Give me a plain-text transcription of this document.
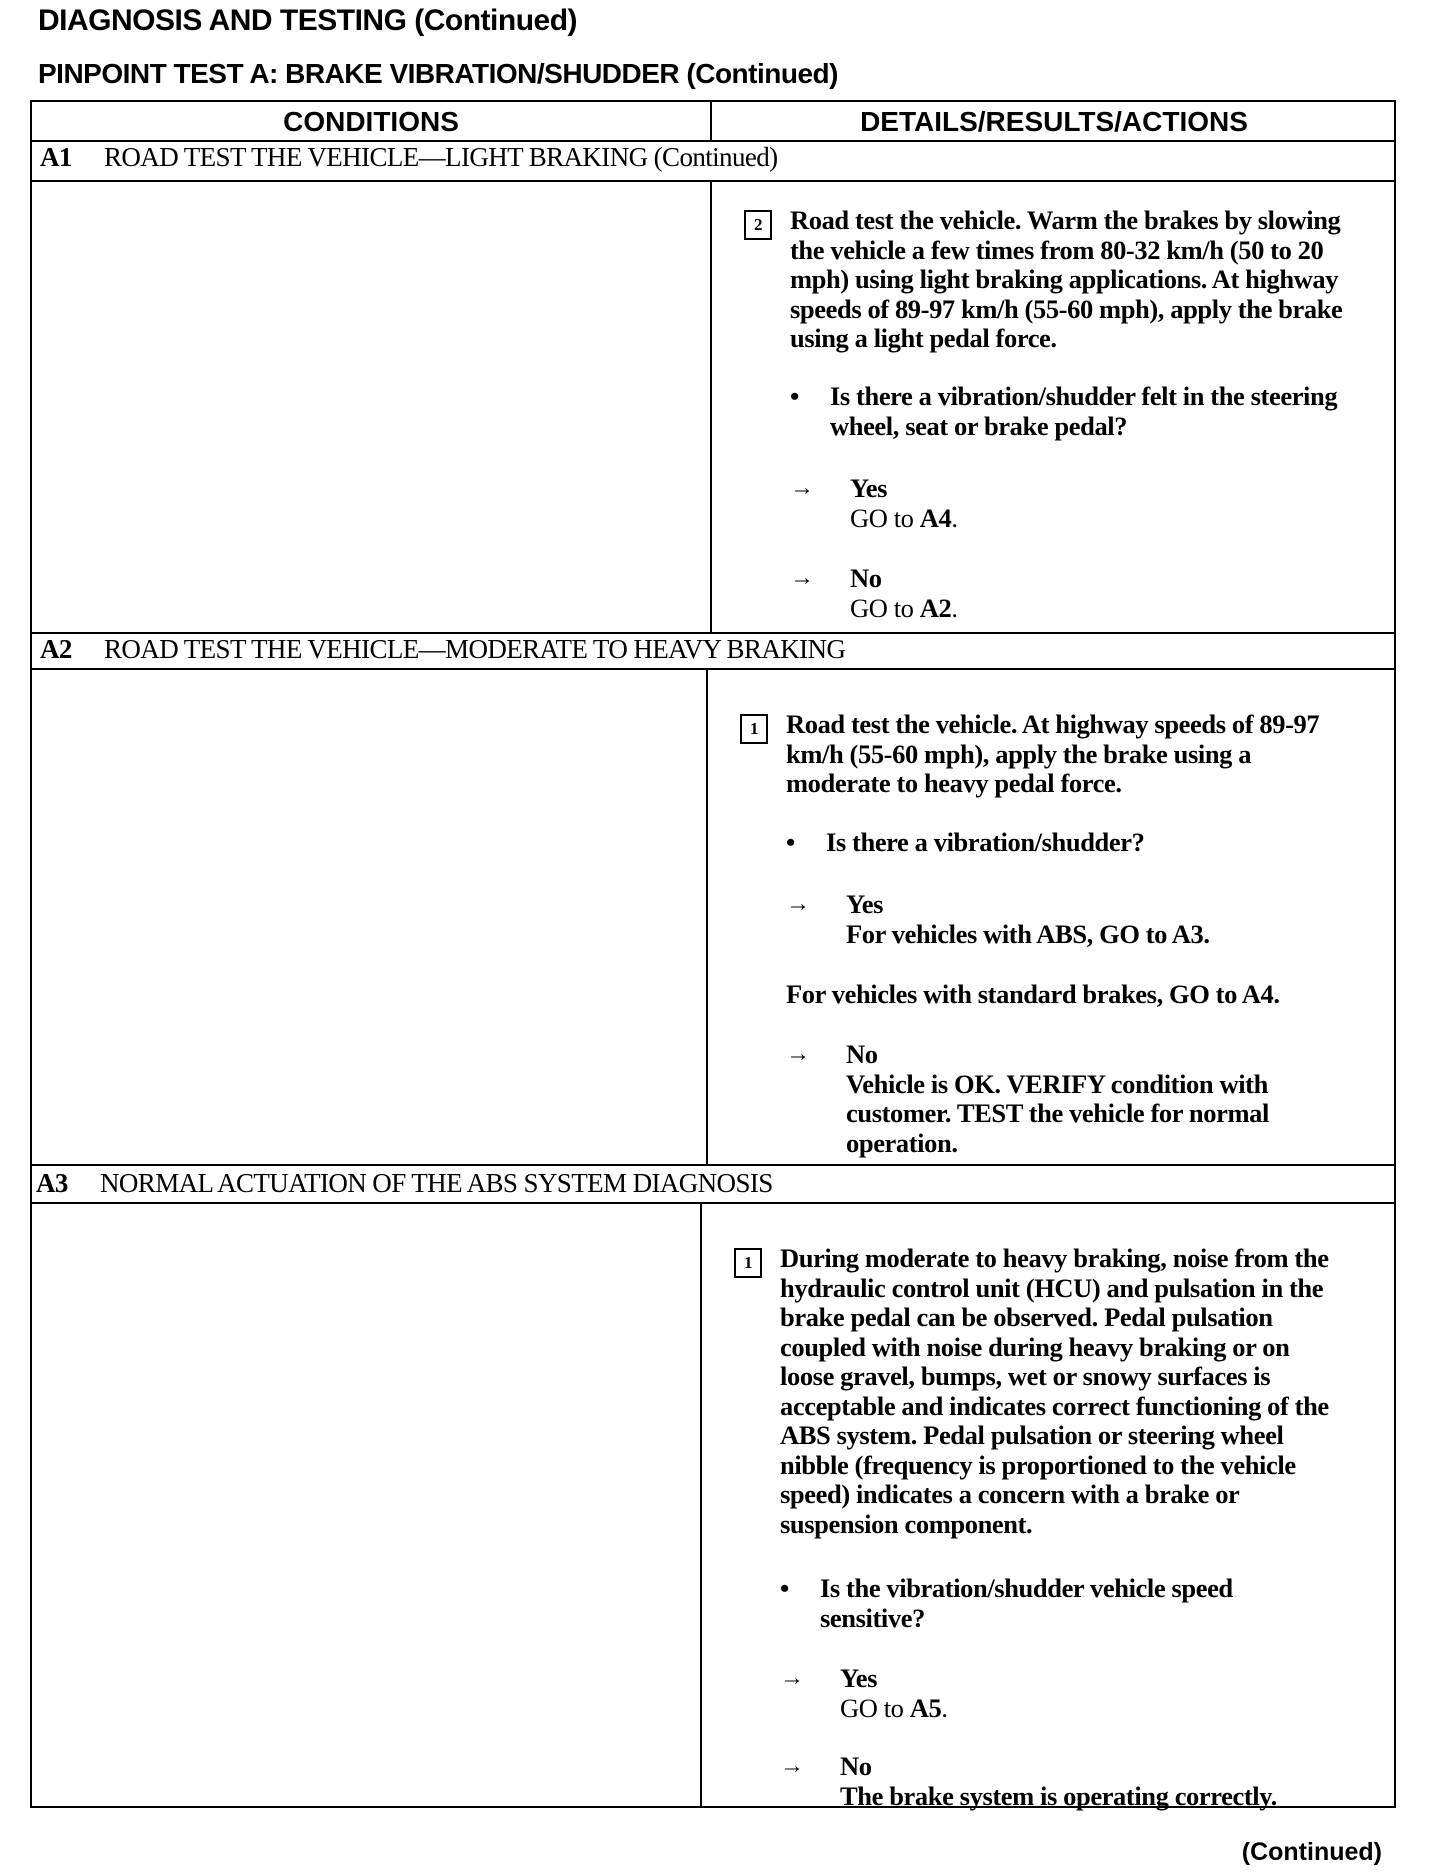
DIAGNOSIS AND TESTING (Continued)
PINPOINT TEST A: BRAKE VIBRATION/SHUDDER (Continued)
CONDITIONS	DETAILS/RESULTS/ACTIONS
A1 ROAD TEST THE VEHICLE—LIGHT BRAKING (Continued)
2	Road test the vehicle. Warm the brakes by slowing
the vehicle a few times from 80-32 km/h (50 to 20
mph) using light braking applications. At highway
speeds of 89-97 km/h (55-60 mph), apply the brake
using a light pedal force.
• Is there a vibration/shudder felt in the steering
wheel, seat or brake pedal?
→ Yes
GO to A4.
→ No
GO to A2.
A2 ROAD TEST THE VEHICLE—MODERATE TO HEAVY BRAKING
1	Road test the vehicle. At highway speeds of 89-97
km/h (55-60 mph), apply the brake using a
moderate to heavy pedal force.
• Is there a vibration/shudder?
→ Yes
For vehicles with ABS, GO to A3.
For vehicles with standard brakes, GO to A4.
→ No
Vehicle is OK. VERIFY condition with
customer. TEST the vehicle for normal
operation.
A3 NORMAL ACTUATION OF THE ABS SYSTEM DIAGNOSIS
1	During moderate to heavy braking, noise from the
hydraulic control unit (HCU) and pulsation in the
brake pedal can be observed. Pedal pulsation
coupled with noise during heavy braking or on
loose gravel, bumps, wet or snowy surfaces is
acceptable and indicates correct functioning of the
ABS system. Pedal pulsation or steering wheel
nibble (frequency is proportioned to the vehicle
speed) indicates a concern with a brake or
suspension component.
• Is the vibration/shudder vehicle speed
sensitive?
→ Yes
GO to A5.
→ No
The brake system is operating correctly.
(Continued)
